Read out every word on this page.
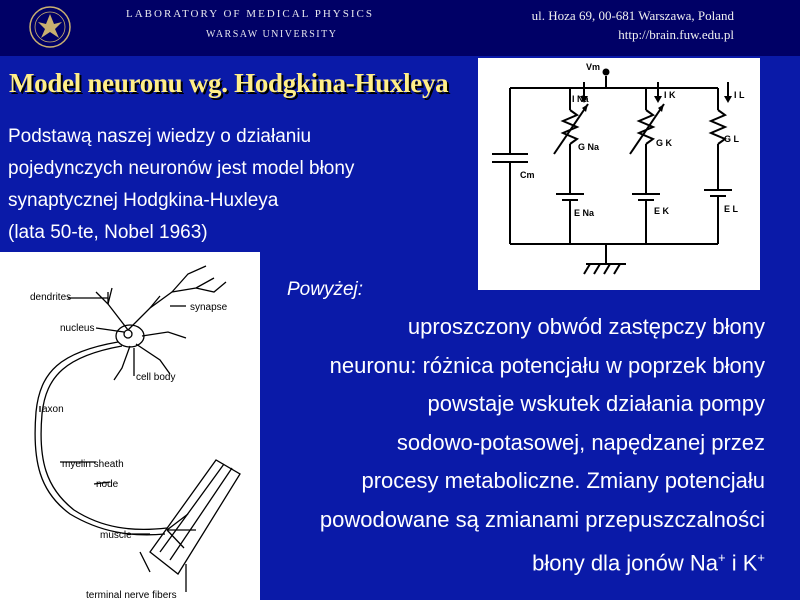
LABORATORY OF MEDICAL PHYSICS
WARSAW UNIVERSITY
ul. Hoza 69, 00-681 Warszawa, Poland
http://brain.fuw.edu.pl
Model neuronu wg. Hodgkina-Huxleya
Podstawą naszej wiedzy o działaniu
pojedynczych neuronów jest model błony
synaptycznej Hodgkina-Huxleya
(lata 50-te, Nobel 1963)
Vm
Cm
I Na	I K	I L
G Na	G K	G L
E Na	E K	E L
dendrites
synapse
nucleus
cell body
axon
myelin sheath
node
muscle
terminal nerve fibers
Powyżej:
uproszczony obwód zastępczy błony
neuronu: różnica potencjału w poprzek błony
powstaje wskutek działania pompy
sodowo-potasowej, napędzanej przez
procesy metaboliczne. Zmiany potencjału
powodowane są zmianami przepuszczalności
błony dla jonów Na+ i K+
